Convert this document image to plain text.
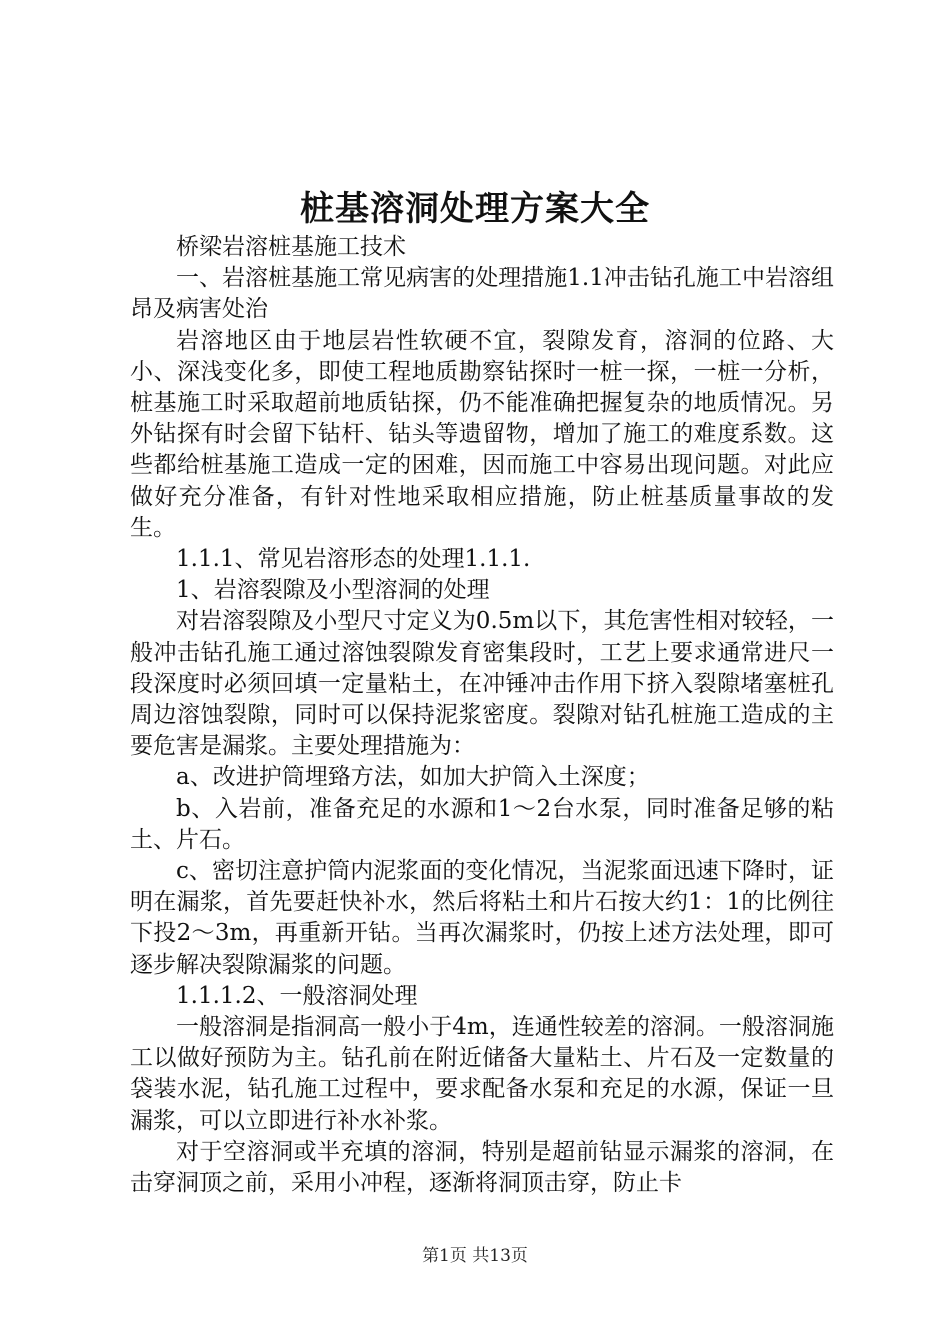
桩基溶洞处理方案大全

桥梁岩溶桩基施工技术

一、岩溶桩基施工常见病害的处理措施1.1冲击钻孔施工中岩溶组昂及病害处治

岩溶地区由于地层岩性软硬不宜，裂隙发育，溶洞的位路、大小、深浅变化多，即使工程地质勘察钻探时一桩一探，一桩一分析，桩基施工时采取超前地质钻探，仍不能准确把握复杂的地质情况。另外钻探有时会留下钻杆、钻头等遗留物，增加了施工的难度系数。这些都给桩基施工造成一定的困难，因而施工中容易出现问题。对此应做好充分准备，有针对性地采取相应措施，防止桩基质量事故的发生。

1.1.1、常见岩溶形态的处理1.1.1.

1、岩溶裂隙及小型溶洞的处理

对岩溶裂隙及小型尺寸定义为0.5m以下，其危害性相对较轻，一般冲击钻孔施工通过溶蚀裂隙发育密集段时，工艺上要求通常进尺一段深度时必须回填一定量粘土，在冲锤冲击作用下挤入裂隙堵塞桩孔周边溶蚀裂隙，同时可以保持泥浆密度。裂隙对钻孔桩施工造成的主要危害是漏浆。主要处理措施为：

a、改进护筒埋臵方法，如加大护筒入土深度；

b、入岩前，准备充足的水源和1～2台水泵，同时准备足够的粘土、片石。

c、密切注意护筒内泥浆面的变化情况，当泥浆面迅速下降时，证明在漏浆，首先要赶快补水，然后将粘土和片石按大约1：1的比例往下投2～3m，再重新开钻。当再次漏浆时，仍按上述方法处理，即可逐步解决裂隙漏浆的问题。

1.1.1.2、一般溶洞处理

一般溶洞是指洞高一般小于4m，连通性较差的溶洞。一般溶洞施工以做好预防为主。钻孔前在附近储备大量粘土、片石及一定数量的袋装水泥，钻孔施工过程中，要求配备水泵和充足的水源，保证一旦漏浆，可以立即进行补水补浆。

对于空溶洞或半充填的溶洞，特别是超前钻显示漏浆的溶洞，在击穿洞顶之前，采用小冲程，逐渐将洞顶击穿，防止卡

第1页 共13页
